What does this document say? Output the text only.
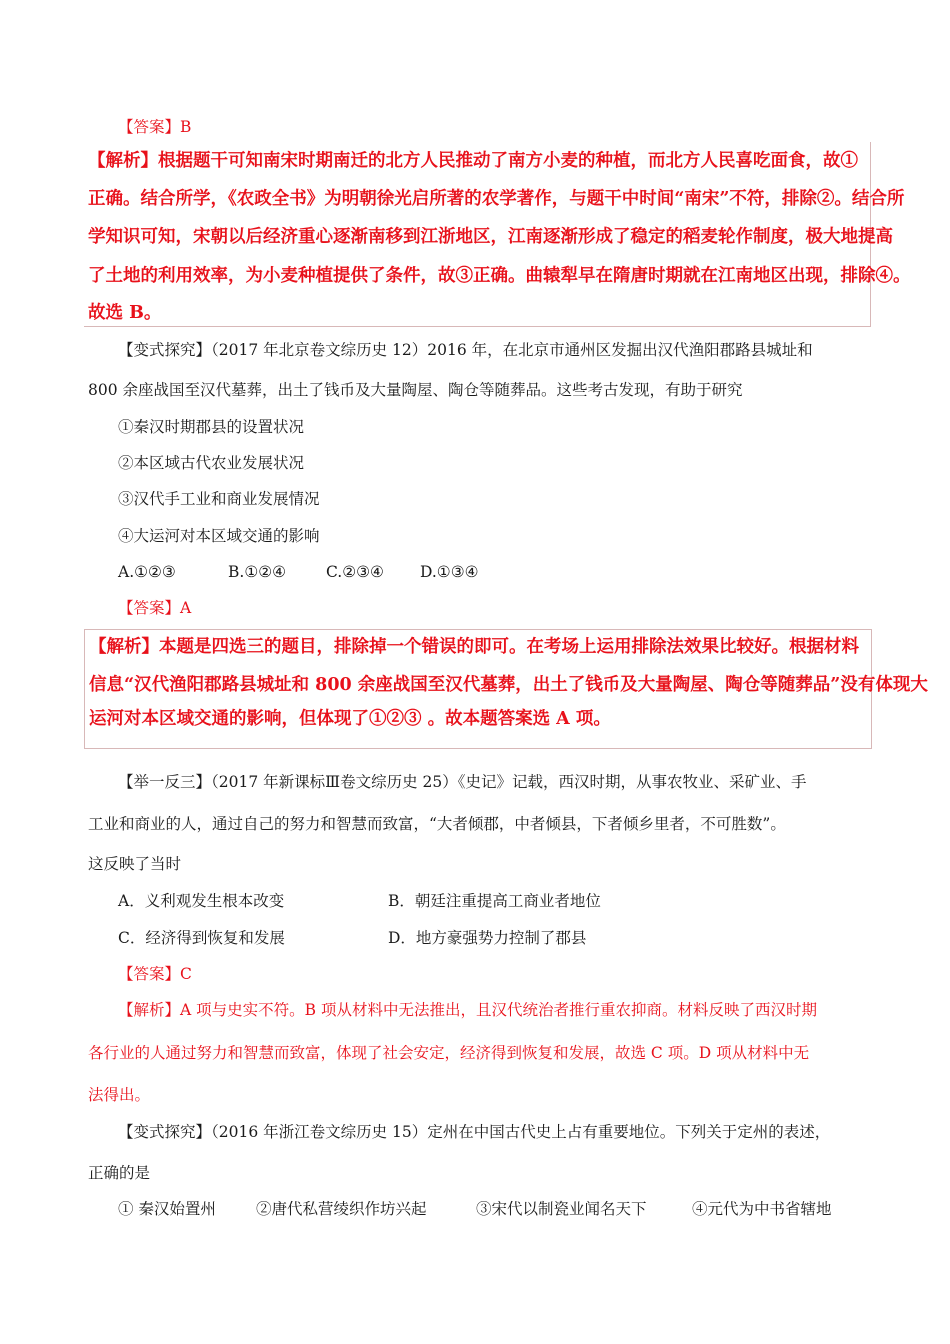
【答案】B
【解析】根据题干可知南宋时期南迁的北方人民推动了南方小麦的种植，而北方人民喜吃面食，故①
正确。结合所学，《农政全书》为明朝徐光启所著的农学著作，与题干中时间“南宋”不符，排除②。结合所
学知识可知，宋朝以后经济重心逐渐南移到江浙地区，江南逐渐形成了稳定的稻麦轮作制度，极大地提高
了土地的利用效率，为小麦种植提供了条件，故③正确。曲辕犁早在隋唐时期就在江南地区出现，排除④。
故选 B。
【变式探究】（2017 年北京卷文综历史 12）2016 年，在北京市通州区发掘出汉代渔阳郡路县城址和
800 余座战国至汉代墓葬，出土了钱币及大量陶屋、陶仓等随葬品。这些考古发现，有助于研究
①秦汉时期郡县的设置状况
②本区域古代农业发展状况
③汉代手工业和商业发展情况
④大运河对本区域交通的影响
A.①②③	B.①②④	C.②③④ D.①③④
【答案】A
【解析】本题是四选三的题目，排除掉一个错误的即可。在考场上运用排除法效果比较好。根据材料
信息“汉代渔阳郡路县城址和 800 余座战国至汉代墓葬，出土了钱币及大量陶屋、陶仓等随葬品”没有体现大
运河对本区域交通的影响，但体现了①②③ 。故本题答案选 A 项。
【举一反三】（2017 年新课标Ⅲ卷文综历史 25）《史记》记载，西汉时期，从事农牧业、采矿业、手
工业和商业的人，通过自己的努力和智慧而致富，“大者倾郡，中者倾县，下者倾乡里者，不可胜数”。
这反映了当时
A．义利观发生根本改变	B．朝廷注重提高工商业者地位
C．经济得到恢复和发展	D．地方豪强势力控制了郡县
【答案】C
【解析】A 项与史实不符。B 项从材料中无法推出，且汉代统治者推行重农抑商。材料反映了西汉时期
各行业的人通过努力和智慧而致富，体现了社会安定，经济得到恢复和发展，故选 C 项。D 项从材料中无
法得出。
【变式探究】（2016 年浙江卷文综历史 15）定州在中国古代史上占有重要地位。下列关于定州的表述，
正确的是
① 秦汉始置州	②唐代私营绫织作坊兴起	③宋代以制瓷业闻名天下	④元代为中书省辖地
